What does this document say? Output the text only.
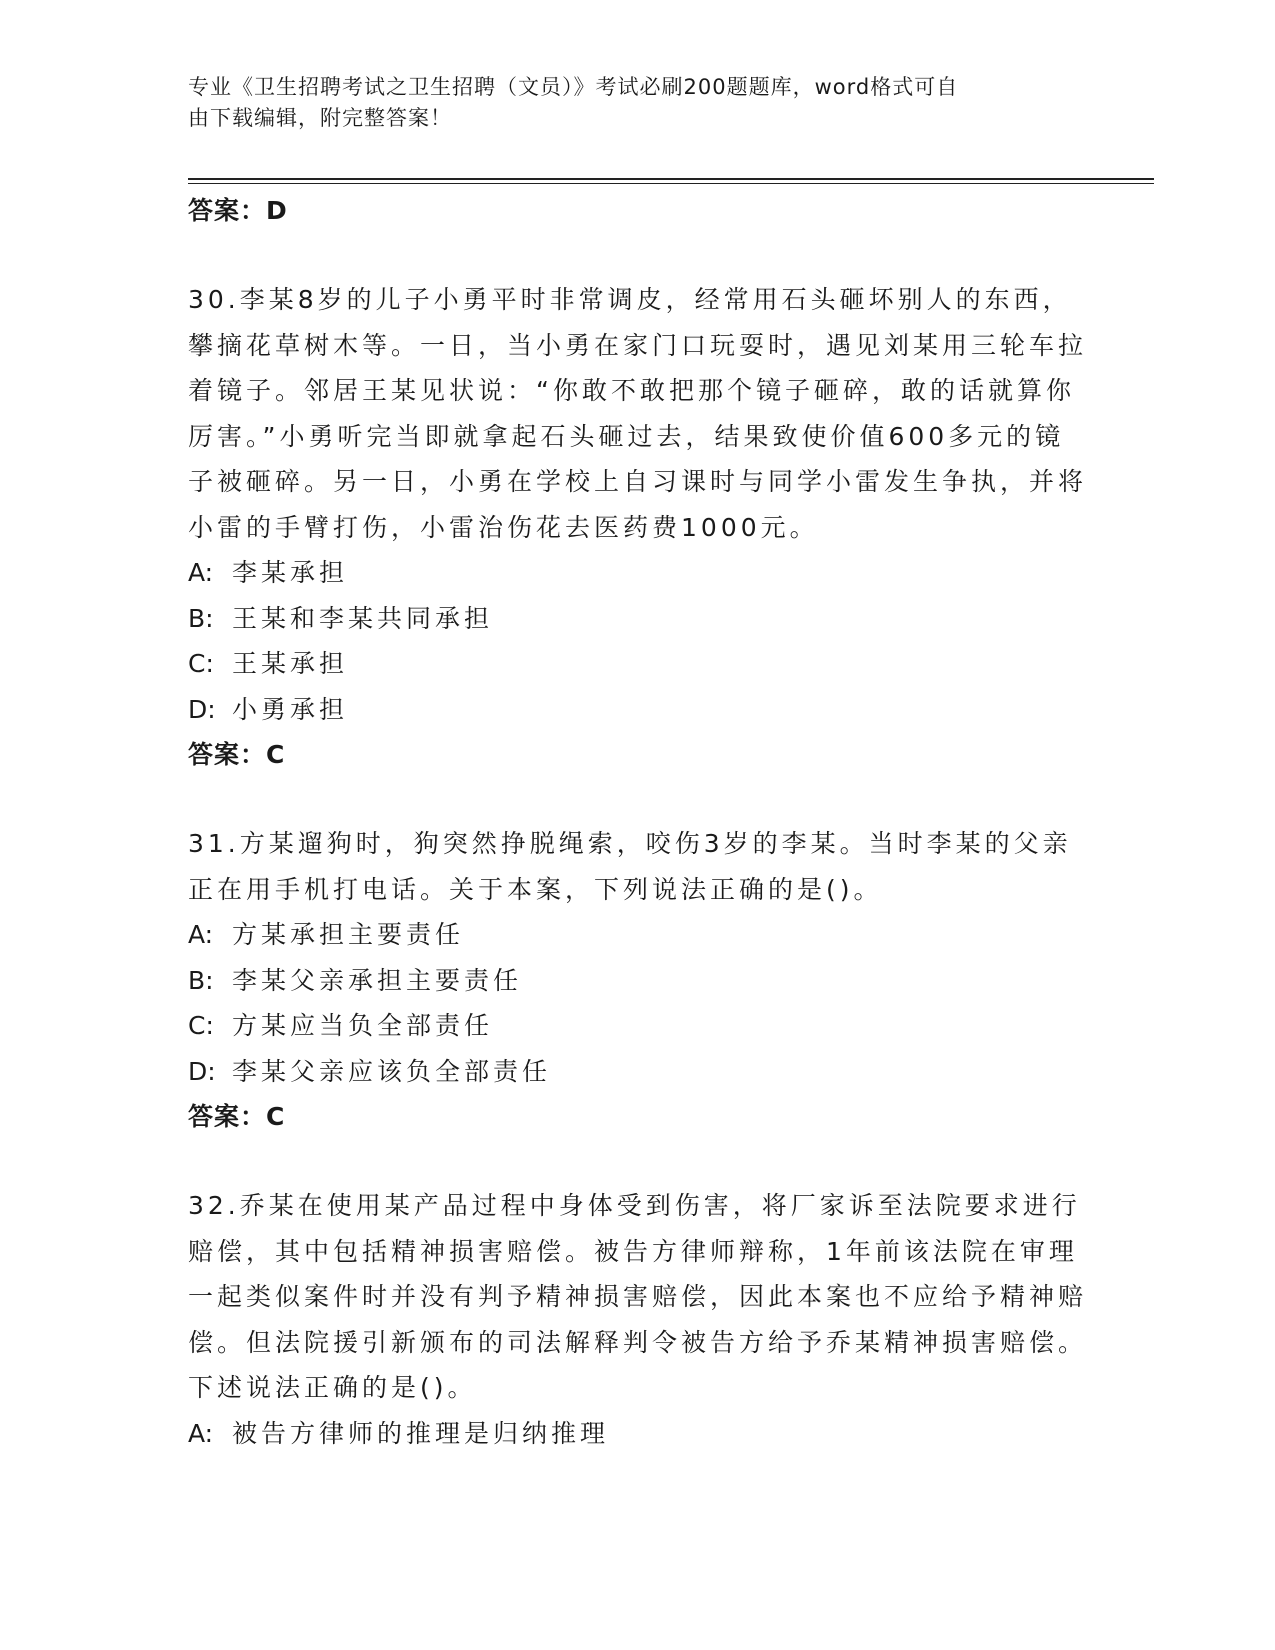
专业《卫生招聘考试之卫生招聘（文员）》考试必刷200题题库，word格式可自
由下载编辑，附完整答案！
答案：D

30.李某8岁的儿子小勇平时非常调皮，经常用石头砸坏别人的东西，攀摘花草树木等。一日，当小勇在家门口玩耍时，遇见刘某用三轮车拉着镜子。邻居王某见状说：“你敢不敢把那个镜子砸碎，敢的话就算你厉害。”小勇听完当即就拿起石头砸过去，结果致使价值600多元的镜子被砸碎。另一日，小勇在学校上自习课时与同学小雷发生争执，并将小雷的手臂打伤，小雷治伤花去医药费1000元。

A: 李某承担
B: 王某和李某共同承担
C: 王某承担
D: 小勇承担
答案：C

31.方某遛狗时，狗突然挣脱绳索，咬伤3岁的李某。当时李某的父亲正在用手机打电话。关于本案，下列说法正确的是()。

A: 方某承担主要责任
B: 李某父亲承担主要责任
C: 方某应当负全部责任
D: 李某父亲应该负全部责任
答案：C

32.乔某在使用某产品过程中身体受到伤害，将厂家诉至法院要求进行赔偿，其中包括精神损害赔偿。被告方律师辩称，1年前该法院在审理一起类似案件时并没有判予精神损害赔偿，因此本案也不应给予精神赔偿。但法院援引新颁布的司法解释判令被告方给予乔某精神损害赔偿。下述说法正确的是()。

A: 被告方律师的推理是归纳推理
